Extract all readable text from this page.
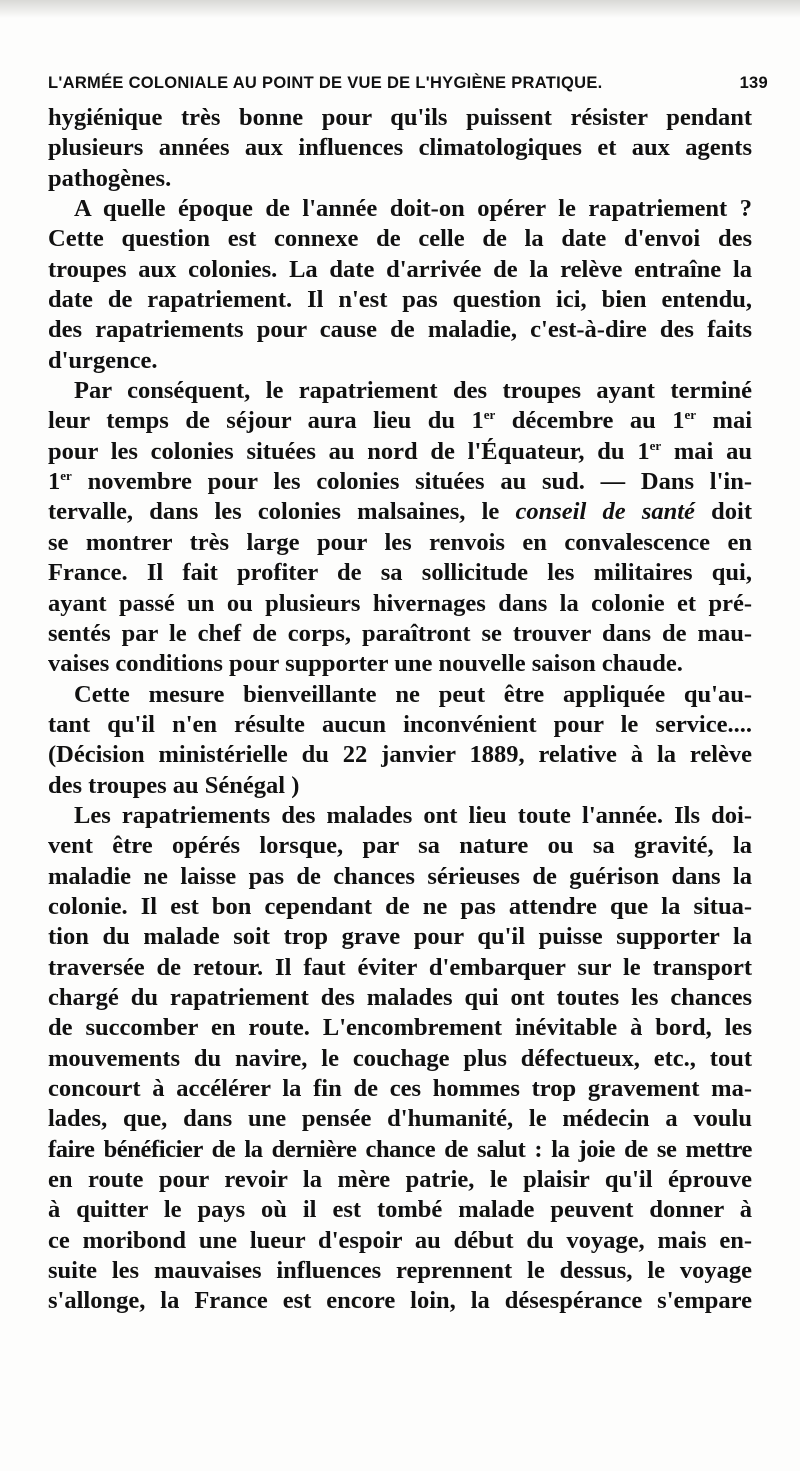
L'ARMÉE COLONIALE AU POINT DE VUE DE L'HYGIÈNE PRATIQUE.	139
hygiénique très bonne pour qu'ils puissent résister pendant
plusieurs années aux influences climatologiques et aux agents
pathogènes.
A quelle époque de l'année doit-on opérer le rapatriement ?
Cette question est connexe de celle de la date d'envoi des
troupes aux colonies. La date d'arrivée de la relève entraîne la
date de rapatriement. Il n'est pas question ici, bien entendu,
des rapatriements pour cause de maladie, c'est-à-dire des faits
d'urgence.
Par conséquent, le rapatriement des troupes ayant terminé
leur temps de séjour aura lieu du 1er décembre au 1er mai
pour les colonies situées au nord de l'Équateur, du 1er mai au
1er novembre pour les colonies situées au sud. — Dans l'in-
tervalle, dans les colonies malsaines, le conseil de santé doit
se montrer très large pour les renvois en convalescence en
France. Il fait profiter de sa sollicitude les militaires qui,
ayant passé un ou plusieurs hivernages dans la colonie et pré-
sentés par le chef de corps, paraîtront se trouver dans de mau-
vaises conditions pour supporter une nouvelle saison chaude.
Cette mesure bienveillante ne peut être appliquée qu'au-
tant qu'il n'en résulte aucun inconvénient pour le service....
(Décision ministérielle du 22 janvier 1889, relative à la relève
des troupes au Sénégal )
Les rapatriements des malades ont lieu toute l'année. Ils doi-
vent être opérés lorsque, par sa nature ou sa gravité, la
maladie ne laisse pas de chances sérieuses de guérison dans la
colonie. Il est bon cependant de ne pas attendre que la situa-
tion du malade soit trop grave pour qu'il puisse supporter la
traversée de retour. Il faut éviter d'embarquer sur le transport
chargé du rapatriement des malades qui ont toutes les chances
de succomber en route. L'encombrement inévitable à bord, les
mouvements du navire, le couchage plus défectueux, etc., tout
concourt à accélérer la fin de ces hommes trop gravement ma-
lades, que, dans une pensée d'humanité, le médecin a voulu
faire bénéficier de la dernière chance de salut : la joie de se mettre
en route pour revoir la mère patrie, le plaisir qu'il éprouve
à quitter le pays où il est tombé malade peuvent donner à
ce moribond une lueur d'espoir au début du voyage, mais en-
suite les mauvaises influences reprennent le dessus, le voyage
s'allonge, la France est encore loin, la désespérance s'empare
